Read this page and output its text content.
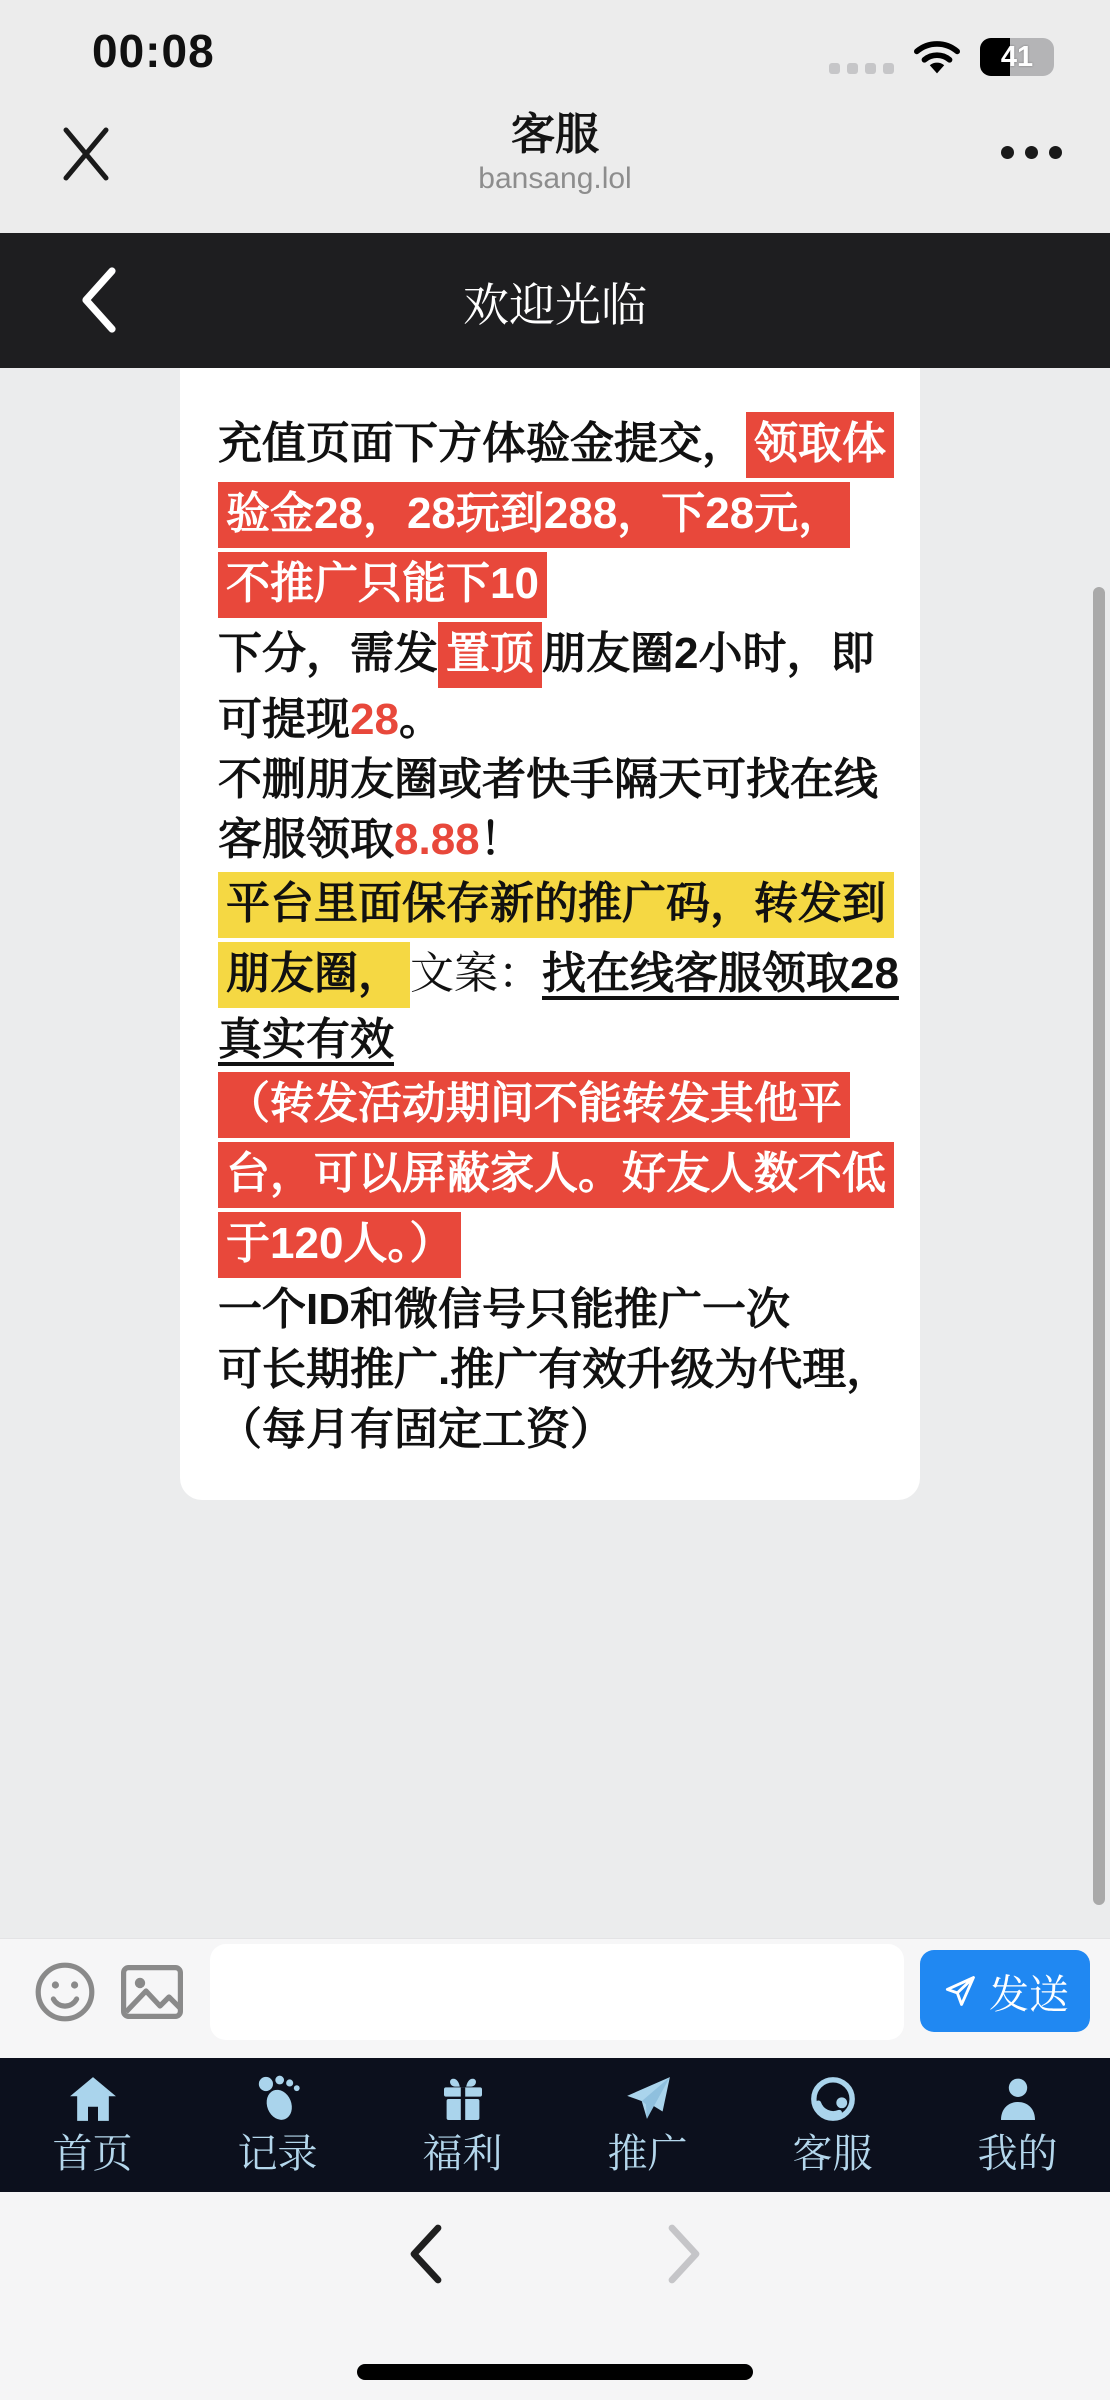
00:08	41
客服
bansang.lol
欢迎光临
充值页面下方体验金提交， 领取体
验金28，28玩到288，下28元，
不推广只能下10
下分，需发 置顶 朋友圈2小时，即
可提现28。
不删朋友圈或者快手隔天可找在线
客服领取8.88！
平台里面保存新的推广码，转发到
朋友圈，文案：找在线客服领取28
真实有效
（转发活动期间不能转发其他平
台，可以屏蔽家人。好友人数不低
于120人。）
一个ID和微信号只能推广一次
可长期推广.推广有效升级为代理，
（每月有固定工资）
发送
首页	记录	福利	推广	客服	我的
